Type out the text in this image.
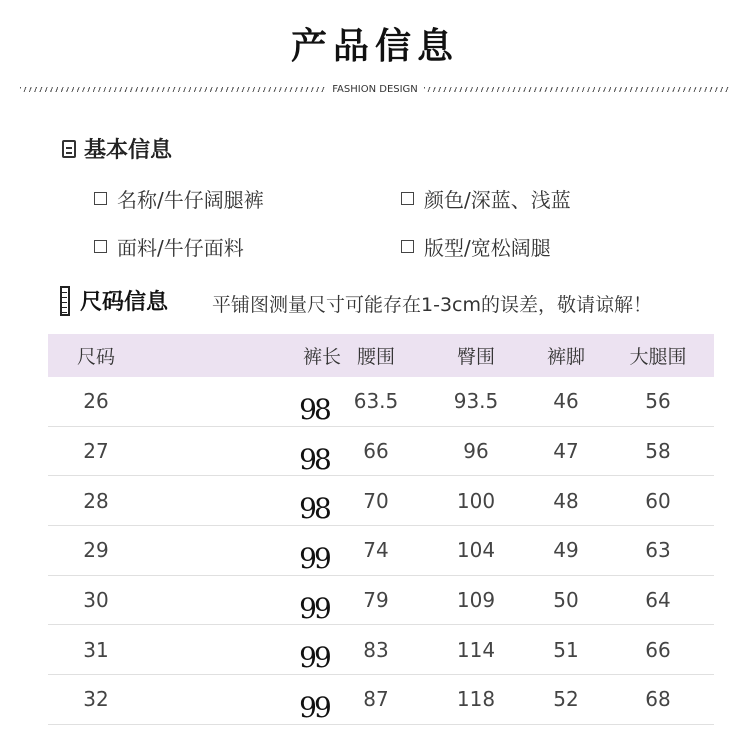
产品信息
FASHION DESIGN
基本信息
名称/牛仔阔腿裤	颜色/深蓝、浅蓝
面料/牛仔面料	版型/宽松阔腿
尺码信息 平铺图测量尺寸可能存在1-3cm的误差，敬请谅解！
尺码	裤长 腰围	臀围	裤脚	大腿围
26	98	63.5	93.5	46	56
27	98	66	96	47	58
28	98	70	100	48	60
29	99	74	104	49	63
30	99	79	109	50	64
31	99	83	114	51	66
32	99	87	118	52	68
